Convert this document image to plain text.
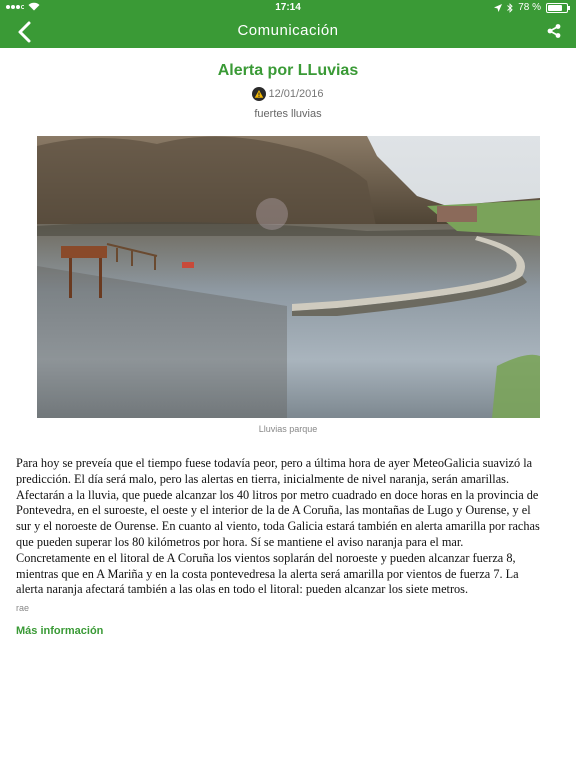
17:14	78 %
Comunicación
Alerta por LLuvias
12/01/2016
fuertes lluvias
Lluvias parque
Para hoy se preveía que el tiempo fuese todavía peor, pero a última hora de ayer MeteoGalicia suavizó la predicción. El día será malo, pero las alertas en tierra, inicialmente de nivel naranja, serán amarillas. Afectarán a la lluvia, que puede alcanzar los 40 litros por metro cuadrado en doce horas en la provincia de Pontevedra, en el suroeste, el oeste y el interior de la de A Coruña, las montañas de Lugo y Ourense, y el sur y el noroeste de Ourense. En cuanto al viento, toda Galicia estará también en alerta amarilla por rachas que pueden superar los 80 kilómetros por hora. Sí se mantiene el aviso naranja para el mar. Concretamente en el litoral de A Coruña los vientos soplarán del noroeste y pueden alcanzar fuerza 8, mientras que en A Mariña y en la costa pontevedresa la alerta será amarilla por vientos de fuerza 7. La alerta naranja afectará también a las olas en todo el litoral: pueden alcanzar los siete metros.
rae
Más información
